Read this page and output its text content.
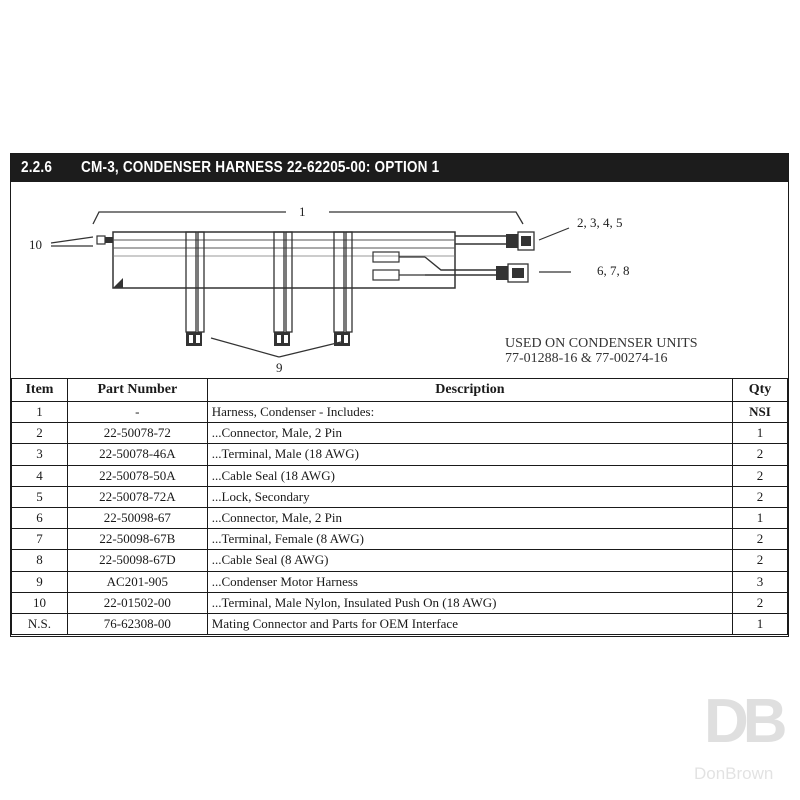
2.2.6 CM-3, CONDENSER HARNESS 22-62205-00: OPTION 1
1
2, 3, 4, 5
6, 7, 8
9
10
USED ON CONDENSER UNITS
77-01288-16 & 77-00274-16
Item	Part Number	Description	Qty
1	-	Harness, Condenser - Includes:	NSI
2	22-50078-72	...Connector, Male, 2 Pin	1
3	22-50078-46A	...Terminal, Male (18 AWG)	2
4	22-50078-50A	...Cable Seal (18 AWG)	2
5	22-50078-72A	...Lock, Secondary	2
6	22-50098-67	...Connector, Male, 2 Pin	1
7	22-50098-67B	...Terminal, Female (8 AWG)	2
8	22-50098-67D	...Cable Seal (8 AWG)	2
9	AC201-905	...Condenser Motor Harness	3
10	22-01502-00	...Terminal, Male Nylon, Insulated Push On (18 AWG)	2
N.S.	76-62308-00	Mating Connector and Parts for OEM Interface	1
DB
DonBrown
